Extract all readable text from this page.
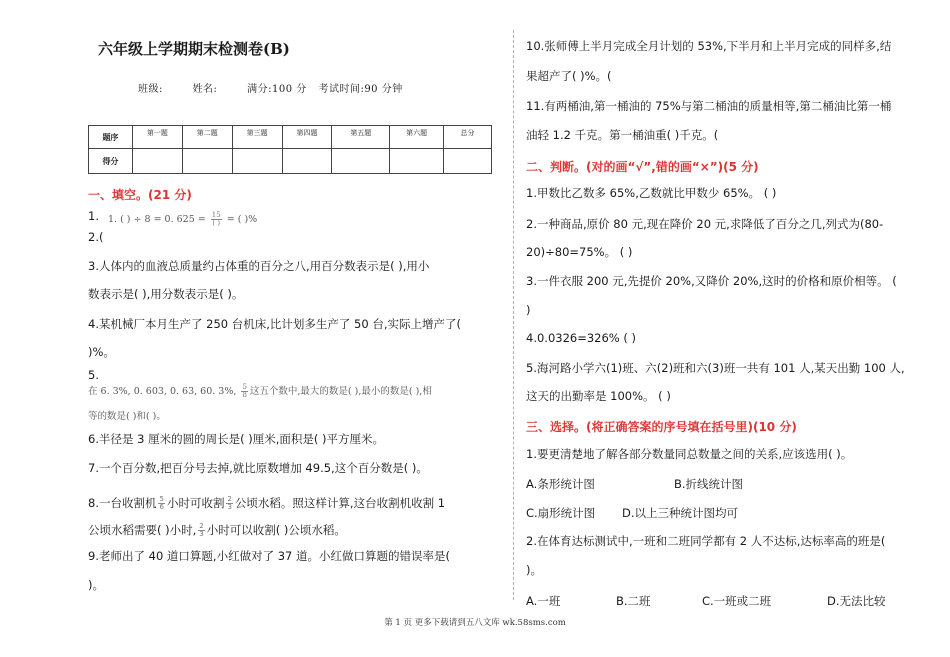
六年级上学期期末检测卷(B)
班级:	姓名:	满分:100 分 考试时间:90 分钟
题序	第一题	第二题	第三题	第四题	第五题	第六题	总分
得分							
一、填空。(21 分)
1. 1. ( ) ÷ 8 = 0. $625 = \frac{15}{( )}$ = ( )%
2.(
3.人体内的血液总质量约占体重的百分之八,用百分数表示是( ),用小
数表示是( ),用分数表示是( )。
4.某机械厂本月生产了 250 台机床,比计划多生产了 50 台,实际上增产了(
)%。
5.
在 6. 3%, 0. 603, 0. 63, 60. 3%, $\frac{5}{8}$ 这五个数中,最大的数是( ),最小的数是( ),相
等的数是( )和( )。
6.半径是 3 厘米的圆的周长是( )厘米,面积是( )平方厘米。
7.一个百分数,把百分号去掉,就比原数增加 49.5,这个百分数是( )。
8.一台收割机 $\frac{5}{6}$ 小时可收割 $\frac{2}{3}$ 公顷水稻。照这样计算,这台收割机收割 1
公顷水稻需要( )小时, $\frac{2}{3}$ 小时可以收割( )公顷水稻。
9.老师出了 40 道口算题,小红做对了 37 道。小红做口算题的错误率是(
)。
10.张师傅上半月完成全月计划的 53%,下半月和上半月完成的同样多,结
果超产了( )%。(
11.有两桶油,第一桶油的 75%与第二桶油的质量相等,第二桶油比第一桶
油轻 1.2 千克。第一桶油重( )千克。(
二、判断。(对的画“√”,错的画“×”)(5 分)
1.甲数比乙数多 65%,乙数就比甲数少 65%。 ( )
2.一种商品,原价 80 元,现在降价 20 元,求降低了百分之几,列式为(80-
20)÷80=75%。 ( )
3.一件衣服 200 元,先提价 20%,又降价 20%,这时的价格和原价相等。 (
)
4.0.0326=326% ( )
5.海河路小学六(1)班、六(2)班和六(3)班一共有 101 人,某天出勤 100 人,
这天的出勤率是 100%。 ( )
三、选择。(将正确答案的序号填在括号里)(10 分)
1.要更清楚地了解各部分数量同总数量之间的关系,应该选用( )。
A.条形统计图	B.折线统计图
C.扇形统计图 D.以上三种统计图均可
2.在体育达标测试中,一班和二班同学都有 2 人不达标,达标率高的班是(
)。
A.一班	B.二班	C.一班或二班	D.无法比较
第 1 页 更多下载请到五八文库 wk.58sms.com
